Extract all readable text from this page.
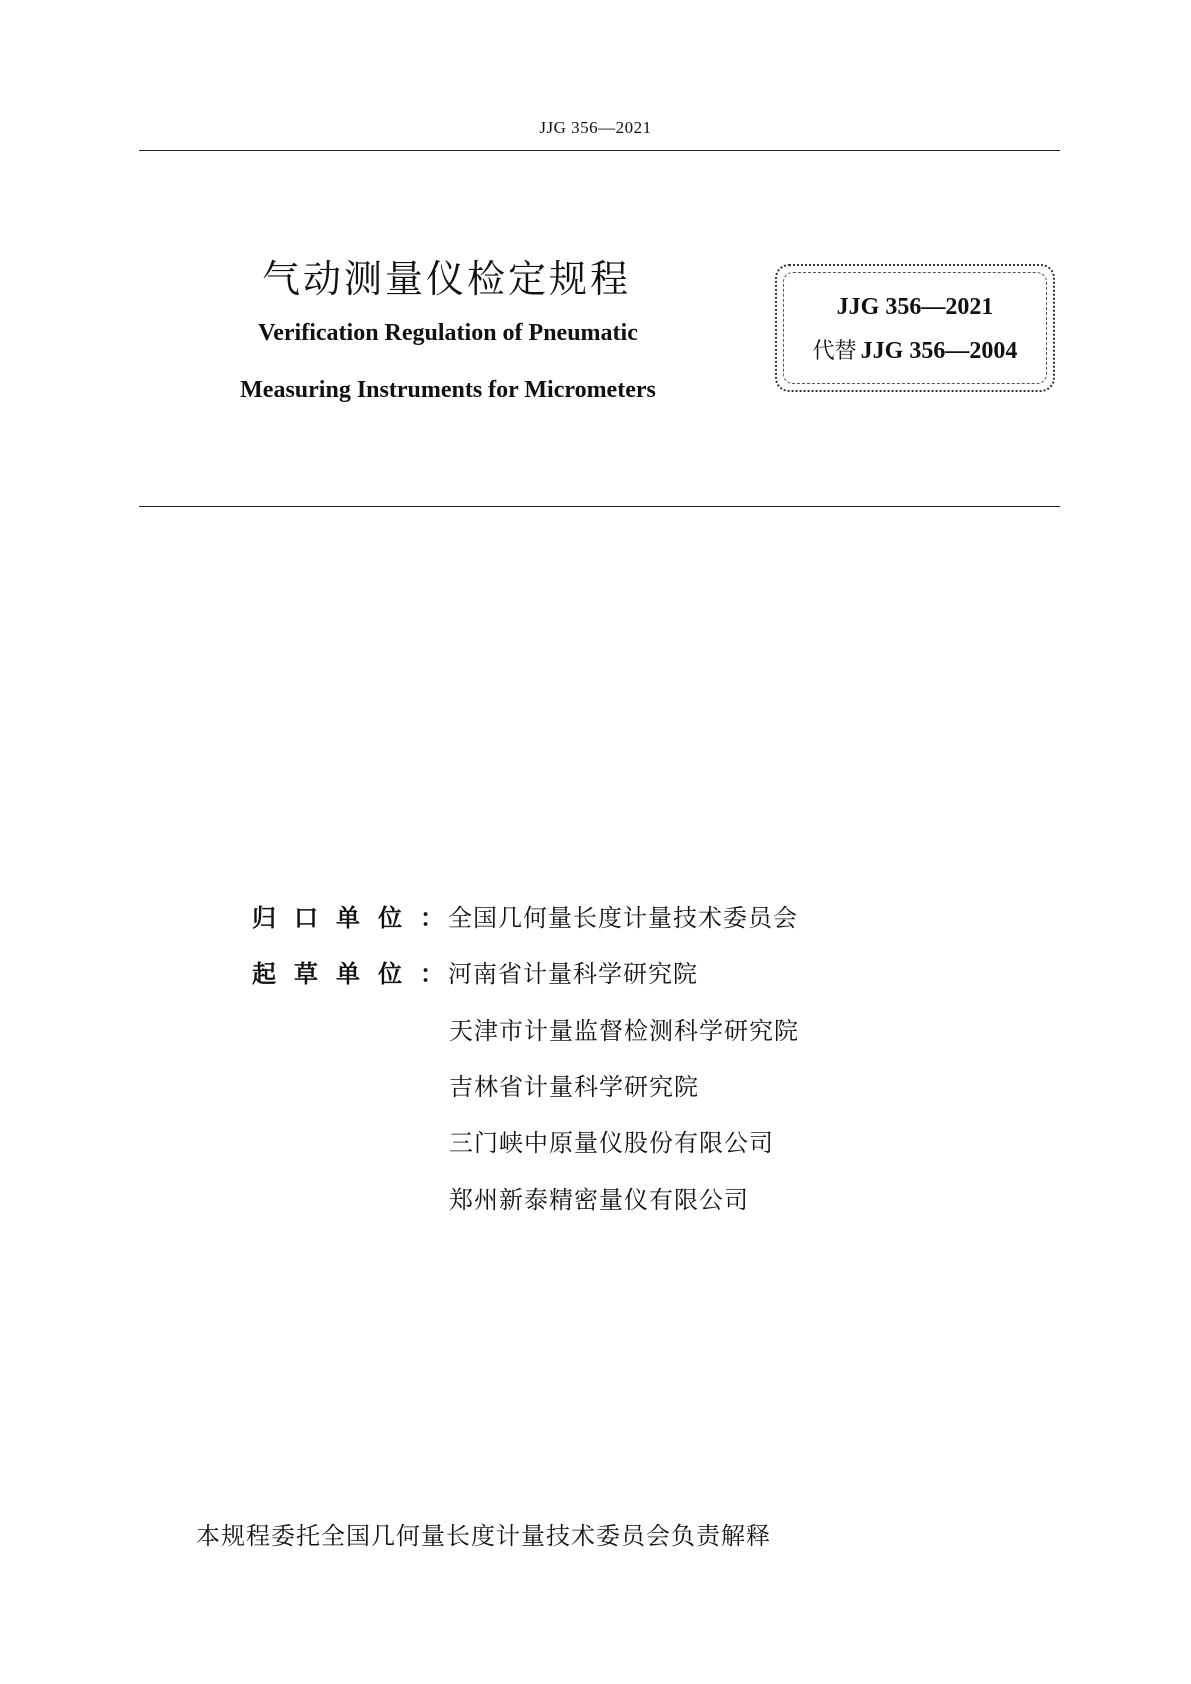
JJG 356—2021
气动测量仪检定规程
Verification Regulation of Pneumatic
Measuring Instruments for Micrometers
JJG 356—2021
代替 JJG 356—2004
归口单位：全国几何量长度计量技术委员会
起草单位：河南省计量科学研究院
天津市计量监督检测科学研究院
吉林省计量科学研究院
三门峡中原量仪股份有限公司
郑州新泰精密量仪有限公司
本规程委托全国几何量长度计量技术委员会负责解释
